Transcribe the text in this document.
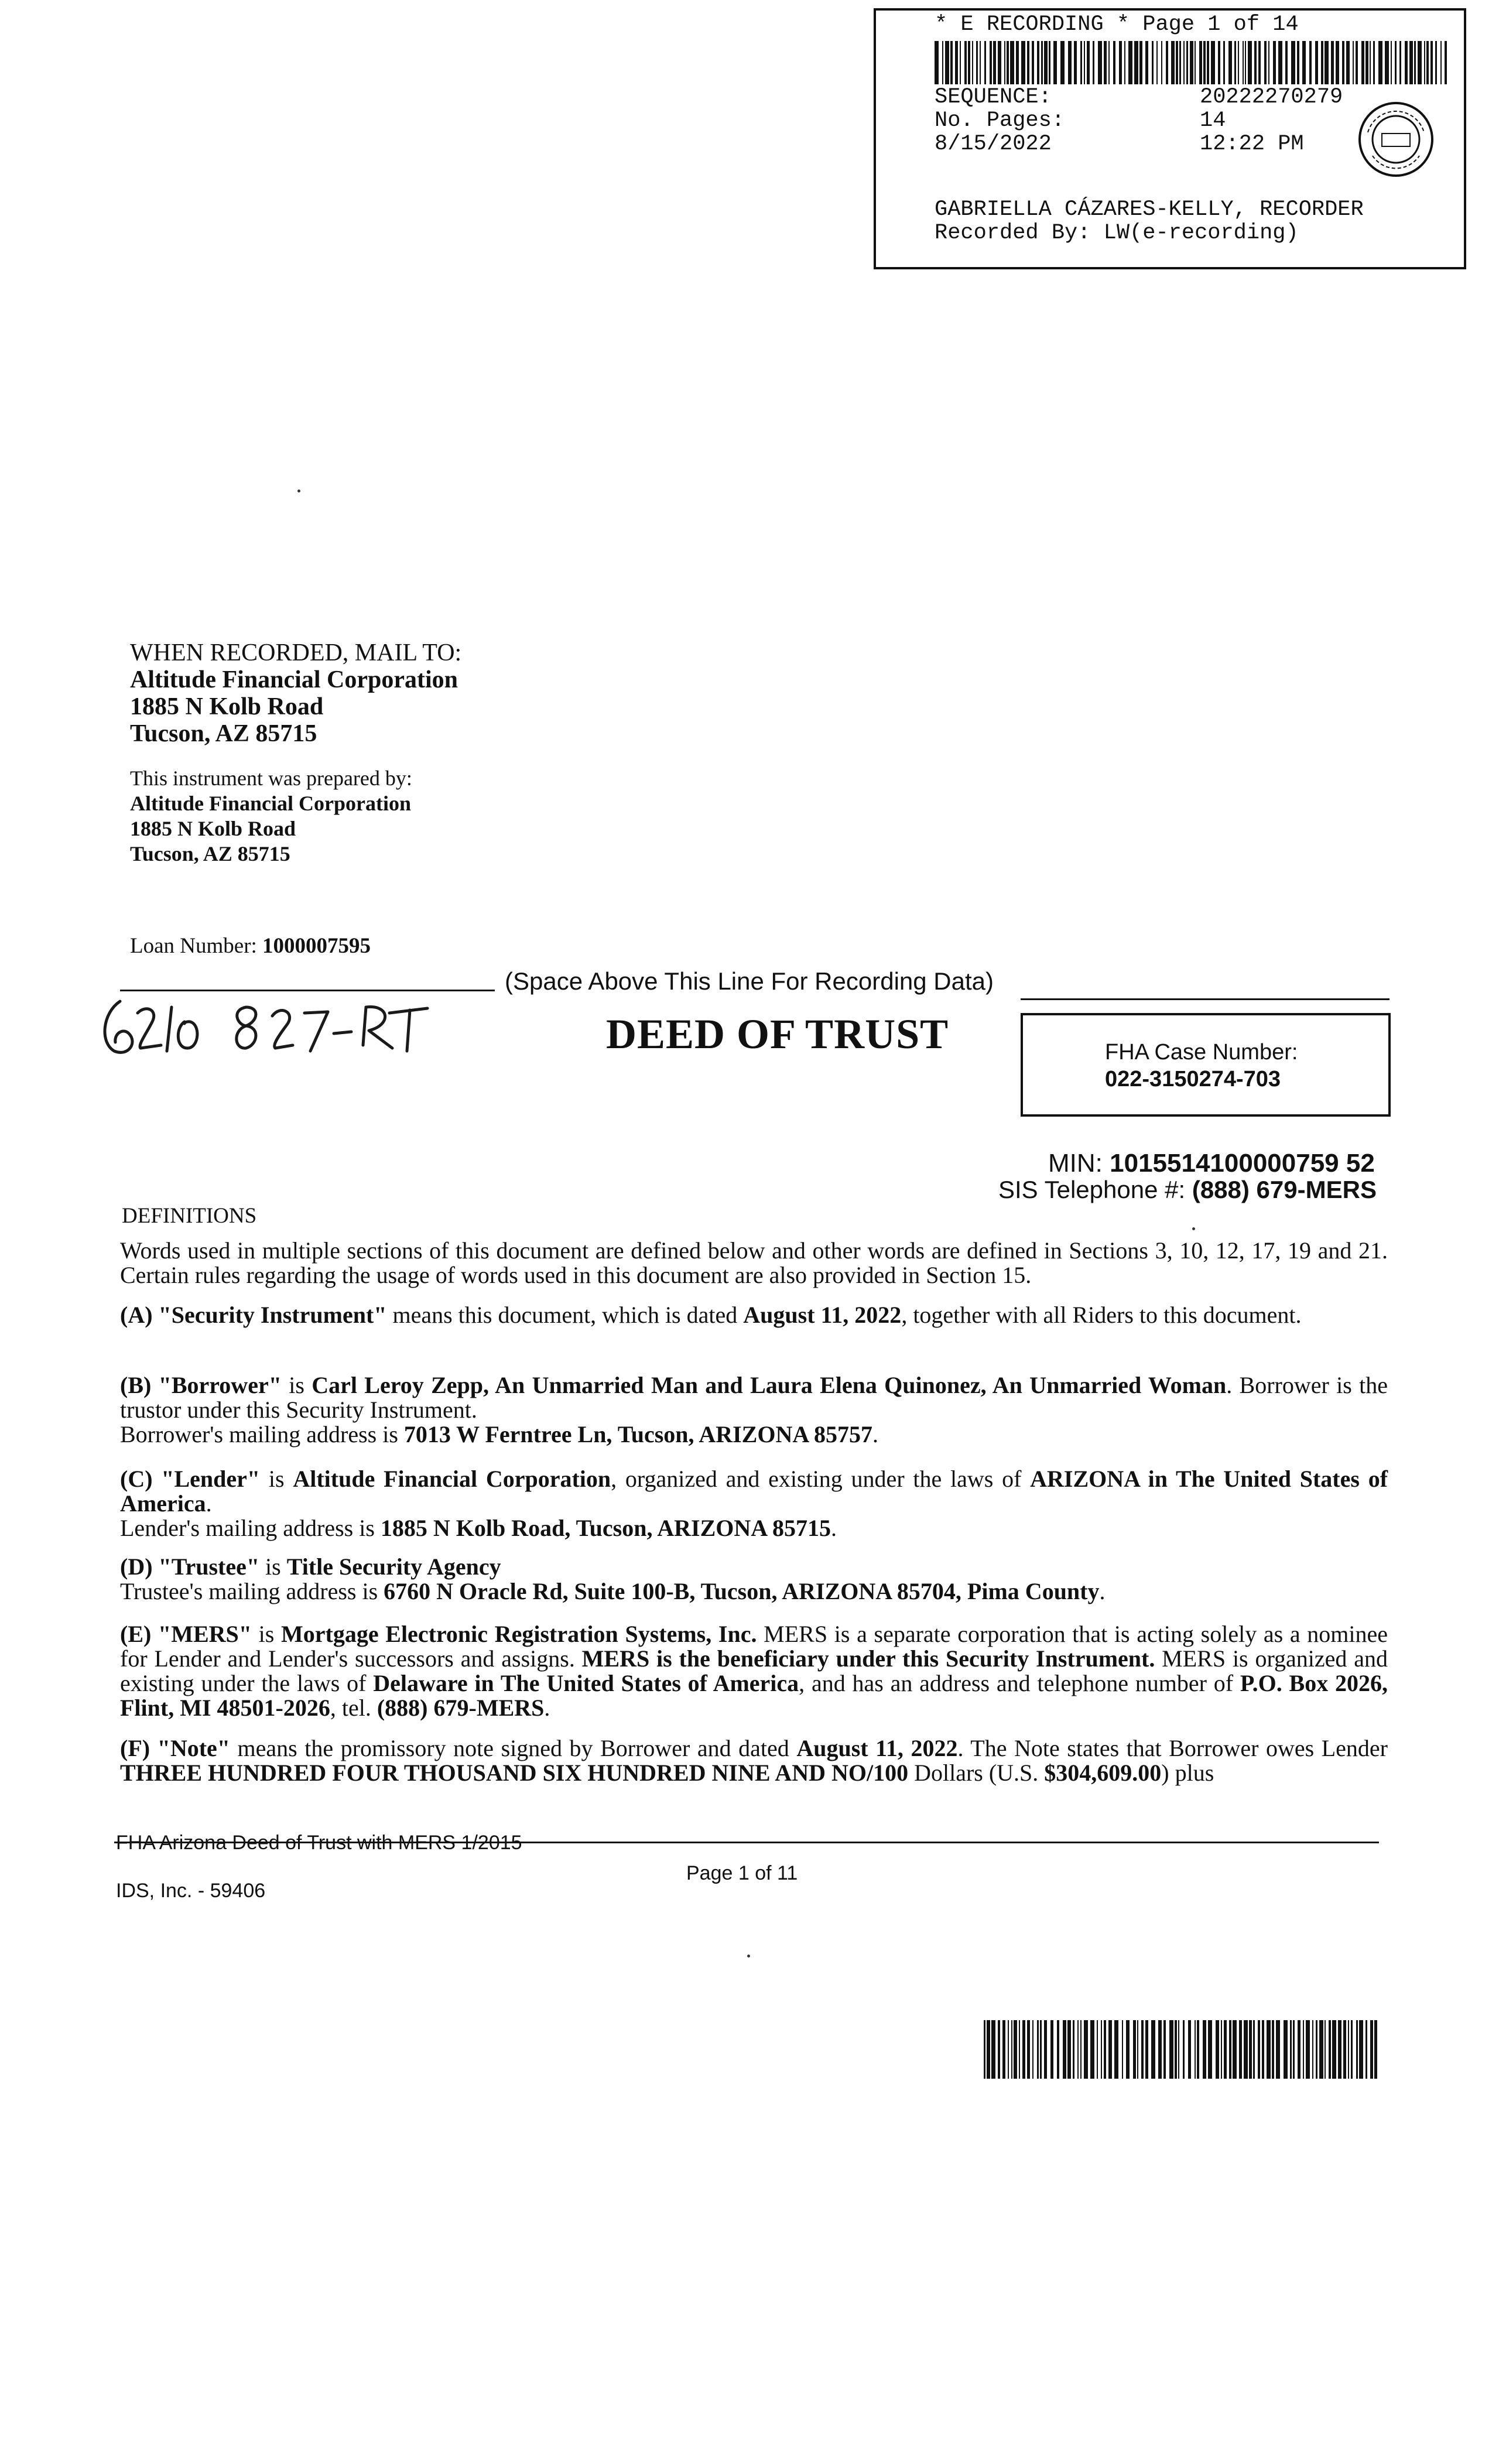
* E RECORDING * Page 1 of 14
SEQUENCE:	20222270279
No. Pages:	14
8/15/2022	12:22 PM
GABRIELLA CÁZARES-KELLY, RECORDER
Recorded By: LW(e-recording)
WHEN RECORDED, MAIL TO:
Altitude Financial Corporation
1885 N Kolb Road
Tucson, AZ 85715
This instrument was prepared by:
Altitude Financial Corporation
1885 N Kolb Road
Tucson, AZ 85715
Loan Number: 1000007595
(Space Above This Line For Recording Data)
DEED OF TRUST	FHA Case Number:
022-3150274-703
MIN: 1015514100000759 52
SIS Telephone #: (888) 679-MERS
DEFINITIONS
Words used in multiple sections of this document are defined below and other words are defined in Sections 3, 10, 12, 17, 19 and 21. Certain rules regarding the usage of words used in this document are also provided in Section 15.
(A) "Security Instrument" means this document, which is dated August 11, 2022, together with all Riders to this document.
(B) "Borrower" is Carl Leroy Zepp, An Unmarried Man and Laura Elena Quinonez, An Unmarried Woman. Borrower is the trustor under this Security Instrument.
Borrower's mailing address is 7013 W Ferntree Ln, Tucson, ARIZONA 85757.
(C) "Lender" is Altitude Financial Corporation, organized and existing under the laws of ARIZONA in The United States of America.
Lender's mailing address is 1885 N Kolb Road, Tucson, ARIZONA 85715.
(D) "Trustee" is Title Security Agency
Trustee's mailing address is 6760 N Oracle Rd, Suite 100-B, Tucson, ARIZONA 85704, Pima County.
(E) "MERS" is Mortgage Electronic Registration Systems, Inc. MERS is a separate corporation that is acting solely as a nominee for Lender and Lender's successors and assigns. MERS is the beneficiary under this Security Instrument. MERS is organized and existing under the laws of Delaware in The United States of America, and has an address and telephone number of P.O. Box 2026, Flint, MI 48501-2026, tel. (888) 679-MERS.
(F) "Note" means the promissory note signed by Borrower and dated August 11, 2022. The Note states that Borrower owes Lender THREE HUNDRED FOUR THOUSAND SIX HUNDRED NINE AND NO/100 Dollars (U.S. $304,609.00) plus
FHA Arizona Deed of Trust with MERS 1/2015
Page 1 of 11
IDS, Inc. - 59406
